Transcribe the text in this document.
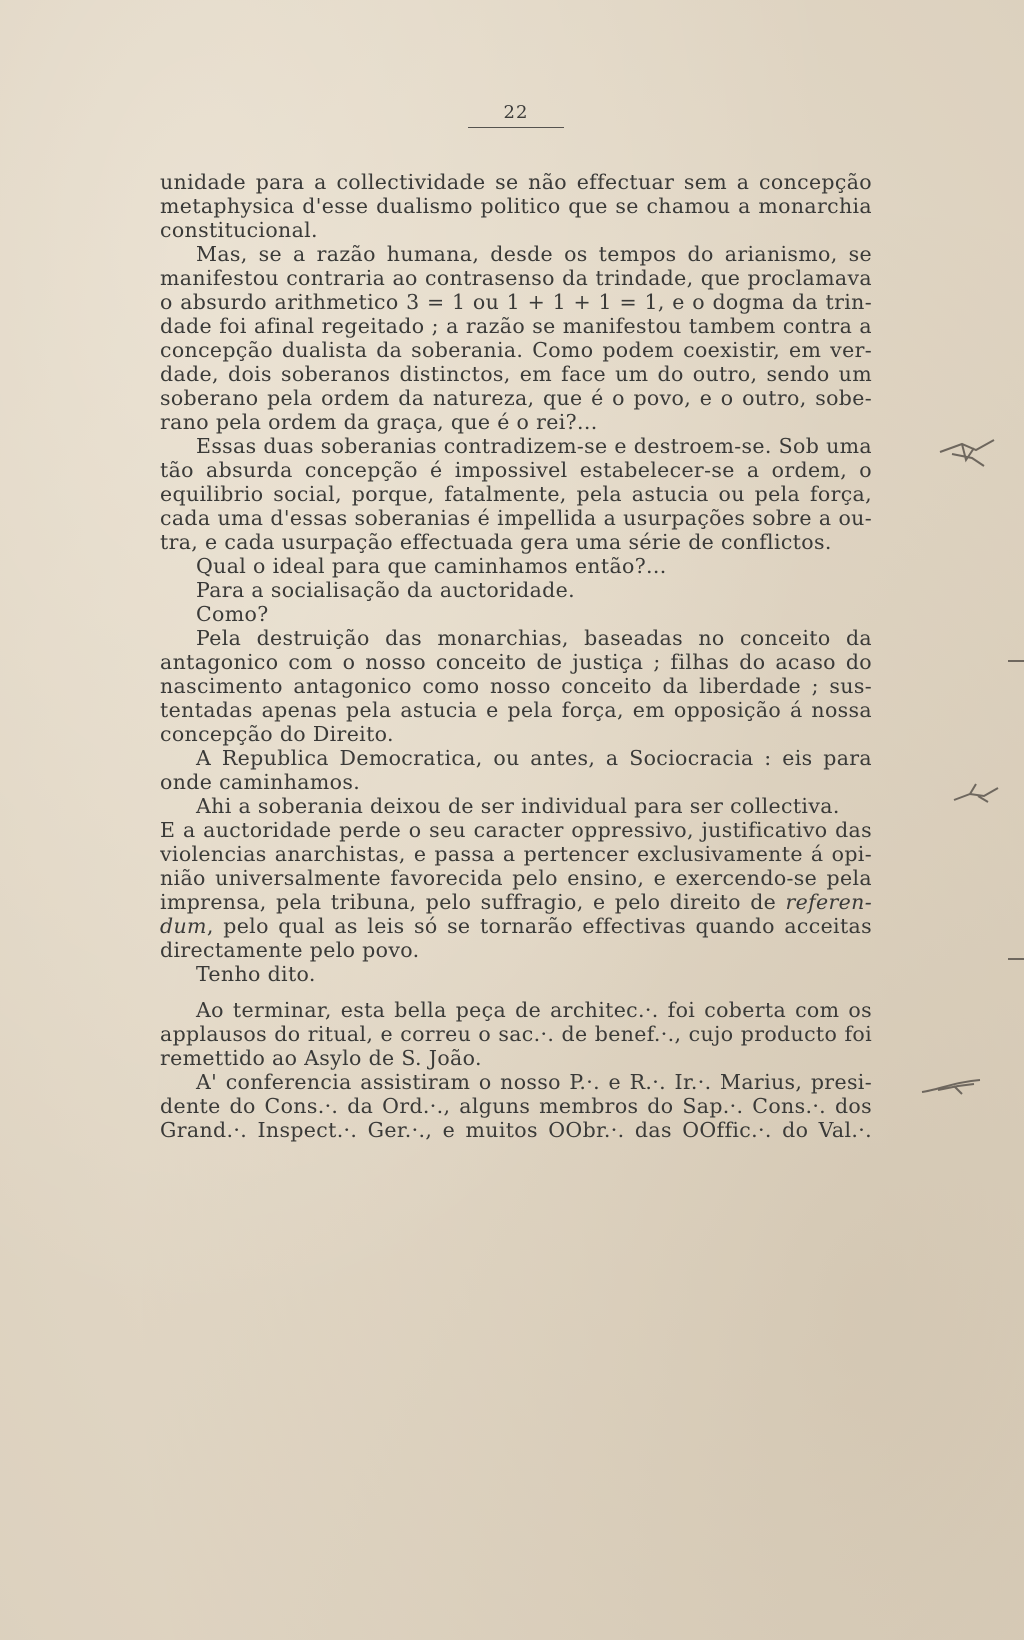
22
unidade para a collectividade se não effectuar sem a concepção
metaphysica d'esse dualismo politico que se chamou a monarchia
constitucional.
Mas, se a razão humana, desde os tempos do arianismo, se
manifestou contraria ao contrasenso da trindade, que proclamava
o absurdo arithmetico 3 = 1 ou 1 + 1 + 1 = 1, e o dogma da trin-
dade foi afinal regeitado ; a razão se manifestou tambem contra a
concepção dualista da soberania. Como podem coexistir, em ver-
dade, dois soberanos distinctos, em face um do outro, sendo um
soberano pela ordem da natureza, que é o povo, e o outro, sobe-
rano pela ordem da graça, que é o rei?...
Essas duas soberanias contradizem-se e destroem-se. Sob uma
tão absurda concepção é impossivel estabelecer-se a ordem, o
equilibrio social, porque, fatalmente, pela astucia ou pela força,
cada uma d'essas soberanias é impellida a usurpações sobre a ou-
tra, e cada usurpação effectuada gera uma série de conflictos.
Qual o ideal para que caminhamos então?...
Para a socialisação da auctoridade.
Como?
Pela destruição das monarchias, baseadas no conceito da
antagonico com o nosso conceito de justiça ; filhas do acaso do
nascimento antagonico como nosso conceito da liberdade ; sus-
tentadas apenas pela astucia e pela força, em opposição á nossa
concepção do Direito.
A Republica Democratica, ou antes, a Sociocracia : eis para
onde caminhamos.
Ahi a soberania deixou de ser individual para ser collectiva.
E a auctoridade perde o seu caracter oppressivo, justificativo das
violencias anarchistas, e passa a pertencer exclusivamente á opi-
nião universalmente favorecida pelo ensino, e exercendo-se pela
imprensa, pela tribuna, pelo suffragio, e pelo direito de referen-
dum, pelo qual as leis só se tornarão effectivas quando acceitas
directamente pelo povo.
Tenho dito.
Ao terminar, esta bella peça de architec.·. foi coberta com os
applausos do ritual, e correu o sac.·. de benef.·., cujo producto foi
remettido ao Asylo de S. João.
A' conferencia assistiram o nosso P.·. e R.·. Ir.·. Marius, presi-
dente do Cons.·. da Ord.·., alguns membros do Sap.·. Cons.·. dos
Grand.·. Inspect.·. Ger.·., e muitos OObr.·. das OOffic.·. do Val.·.
